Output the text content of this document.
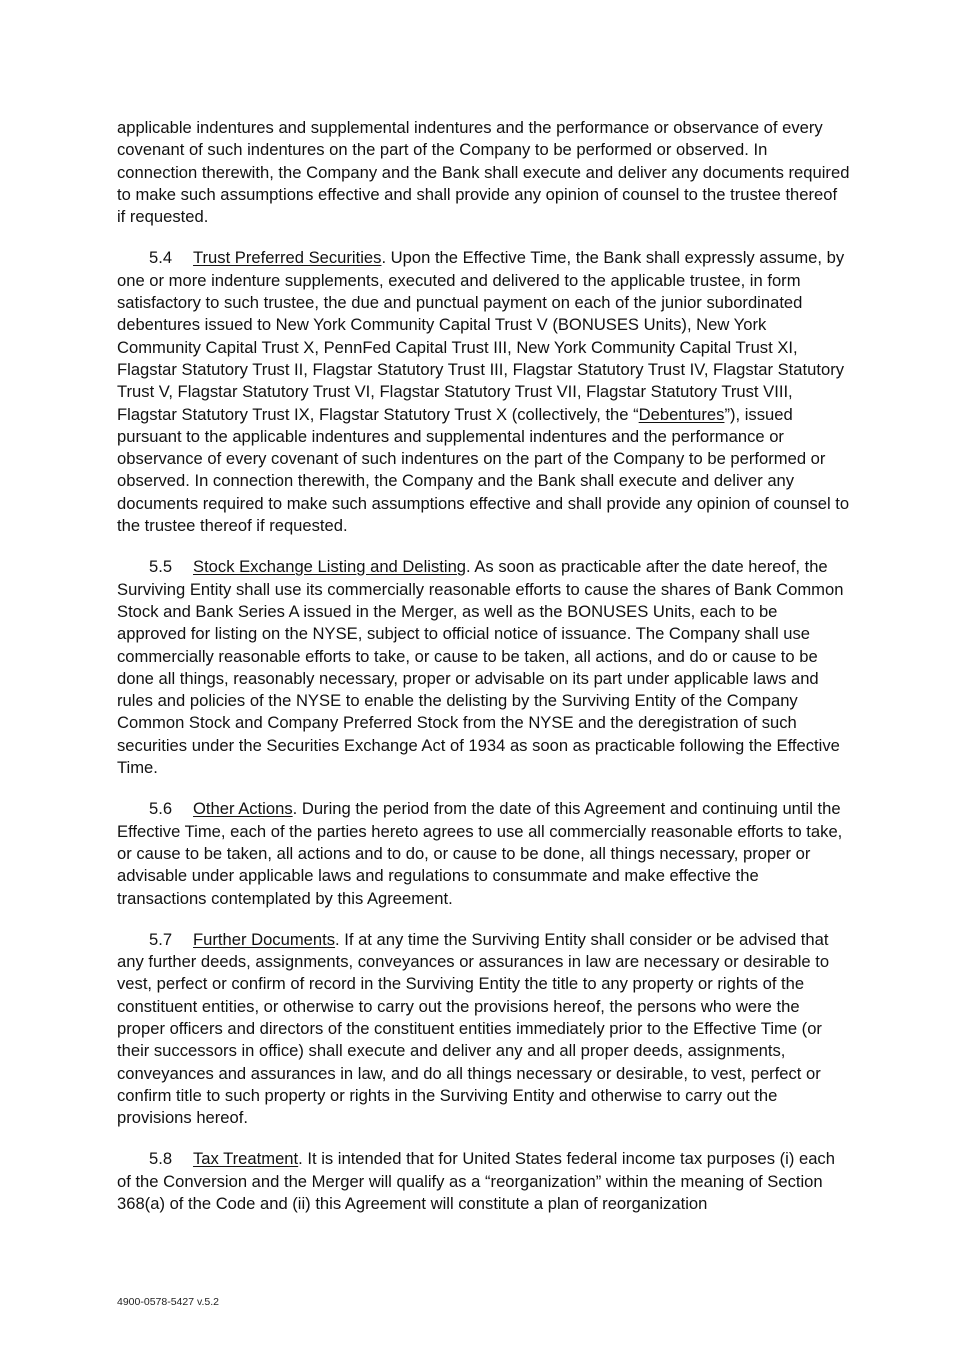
applicable indentures and supplemental indentures and the performance or observance of every covenant of such indentures on the part of the Company to be performed or observed. In connection therewith, the Company and the Bank shall execute and deliver any documents required to make such assumptions effective and shall provide any opinion of counsel to the trustee thereof if requested.

5.4 Trust Preferred Securities. Upon the Effective Time, the Bank shall expressly assume, by one or more indenture supplements, executed and delivered to the applicable trustee, in form satisfactory to such trustee, the due and punctual payment on each of the junior subordinated debentures issued to New York Community Capital Trust V (BONUSES Units), New York Community Capital Trust X, PennFed Capital Trust III, New York Community Capital Trust XI, Flagstar Statutory Trust II, Flagstar Statutory Trust III, Flagstar Statutory Trust IV, Flagstar Statutory Trust V, Flagstar Statutory Trust VI, Flagstar Statutory Trust VII, Flagstar Statutory Trust VIII, Flagstar Statutory Trust IX, Flagstar Statutory Trust X (collectively, the “Debentures”), issued pursuant to the applicable indentures and supplemental indentures and the performance or observance of every covenant of such indentures on the part of the Company to be performed or observed. In connection therewith, the Company and the Bank shall execute and deliver any documents required to make such assumptions effective and shall provide any opinion of counsel to the trustee thereof if requested.

5.5 Stock Exchange Listing and Delisting. As soon as practicable after the date hereof, the Surviving Entity shall use its commercially reasonable efforts to cause the shares of Bank Common Stock and Bank Series A issued in the Merger, as well as the BONUSES Units, each to be approved for listing on the NYSE, subject to official notice of issuance. The Company shall use commercially reasonable efforts to take, or cause to be taken, all actions, and do or cause to be done all things, reasonably necessary, proper or advisable on its part under applicable laws and rules and policies of the NYSE to enable the delisting by the Surviving Entity of the Company Common Stock and Company Preferred Stock from the NYSE and the deregistration of such securities under the Securities Exchange Act of 1934 as soon as practicable following the Effective Time.

5.6 Other Actions. During the period from the date of this Agreement and continuing until the Effective Time, each of the parties hereto agrees to use all commercially reasonable efforts to take, or cause to be taken, all actions and to do, or cause to be done, all things necessary, proper or advisable under applicable laws and regulations to consummate and make effective the transactions contemplated by this Agreement.

5.7 Further Documents. If at any time the Surviving Entity shall consider or be advised that any further deeds, assignments, conveyances or assurances in law are necessary or desirable to vest, perfect or confirm of record in the Surviving Entity the title to any property or rights of the constituent entities, or otherwise to carry out the provisions hereof, the persons who were the proper officers and directors of the constituent entities immediately prior to the Effective Time (or their successors in office) shall execute and deliver any and all proper deeds, assignments, conveyances and assurances in law, and do all things necessary or desirable, to vest, perfect or confirm title to such property or rights in the Surviving Entity and otherwise to carry out the provisions hereof.

5.8 Tax Treatment. It is intended that for United States federal income tax purposes (i) each of the Conversion and the Merger will qualify as a “reorganization” within the meaning of Section 368(a) of the Code and (ii) this Agreement will constitute a plan of reorganization

4900-0578-5427 v.5.2
